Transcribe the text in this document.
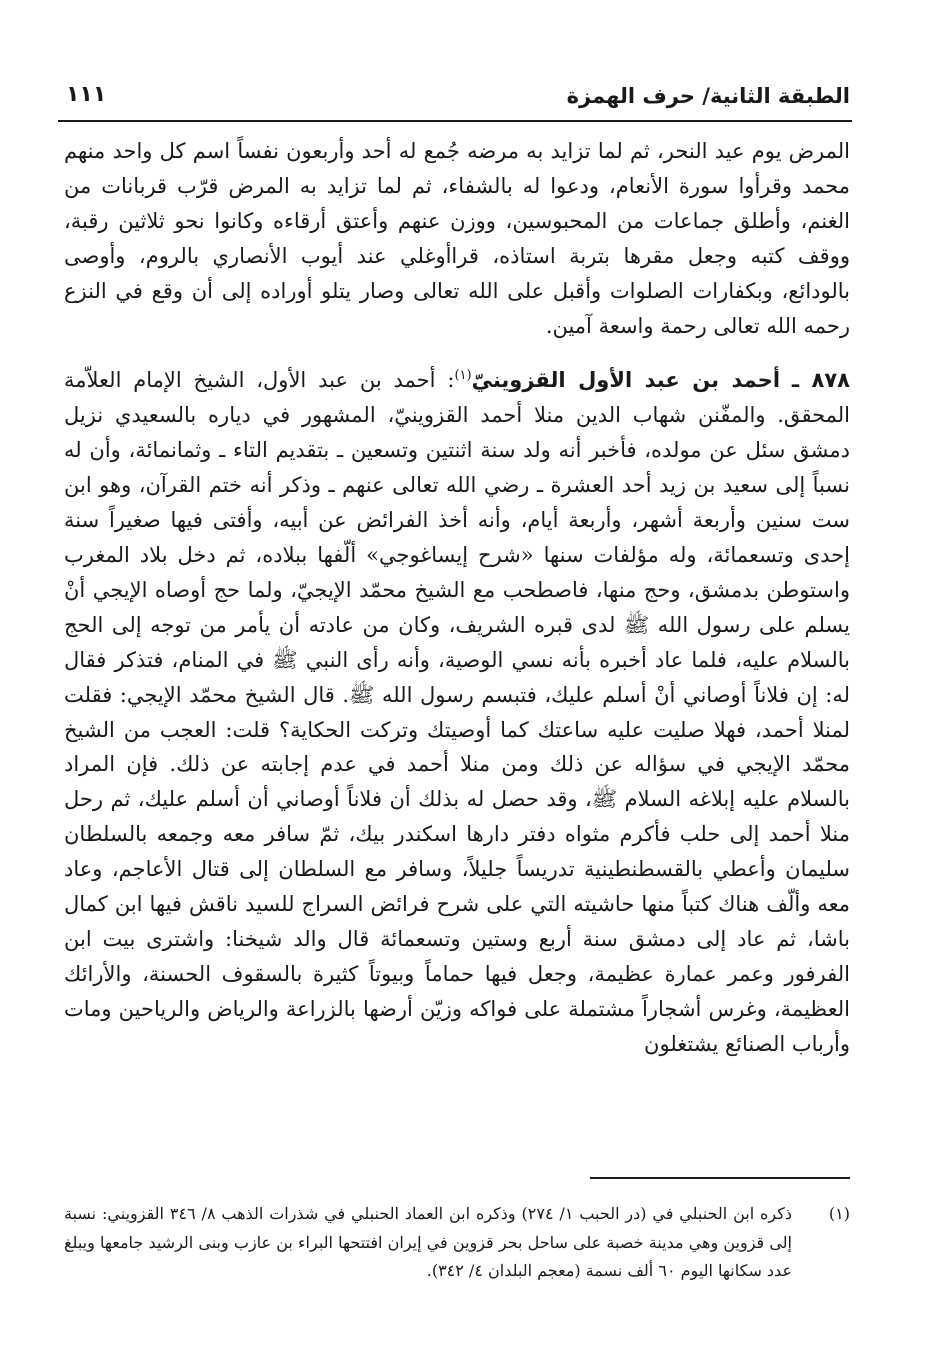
الطبقة الثانية/ حرف الهمزة
١١١

المرض يوم عيد النحر، ثم لما تزايد به مرضه جُمع له أحد وأربعون نفساً اسم كل واحد منهم محمد وقرأوا سورة الأنعام، ودعوا له بالشفاء، ثم لما تزايد به المرض قرّب قربانات من الغنم، وأطلق جماعات من المحبوسين، ووزن عنهم وأعتق أرقاءه وكانوا نحو ثلاثين رقبة، ووقف كتبه وجعل مقرها بتربة استاذه، قراأوغلي عند أيوب الأنصاري بالروم، وأوصى بالودائع، وبكفارات الصلوات وأقبل على الله تعالى وصار يتلو أوراده إلى أن وقع في النزع رحمه الله تعالى رحمة واسعة آمين.

٨٧٨ ـ أحمد بن عبد الأول القزوينيّ$^{(١)}$: أحمد بن عبد الأول، الشيخ الإمام العلاّمة المحقق. والمفّنن شهاب الدين منلا أحمد القزوينيّ، المشهور في دياره بالسعيدي نزيل دمشق سئل عن مولده، فأخبر أنه ولد سنة اثنتين وتسعين ـ بتقديم التاء ـ وثمانمائة، وأن له نسباً إلى سعيد بن زيد أحد العشرة ـ رضي الله تعالى عنهم ـ وذكر أنه ختم القرآن، وهو ابن ست سنين وأربعة أشهر، وأربعة أيام، وأنه أخذ الفرائض عن أبيه، وأفتى فيها صغيراً سنة إحدى وتسعمائة، وله مؤلفات سنها «شرح إيساغوجي» ألّفها ببلاده، ثم دخل بلاد المغرب واستوطن بدمشق، وحج منها، فاصطحب مع الشيخ محمّد الإيجيّ، ولما حج أوصاه الإيجي أنْ يسلم على رسول الله ﷺ لدى قبره الشريف، وكان من عادته أن يأمر من توجه إلى الحج بالسلام عليه، فلما عاد أخبره بأنه نسي الوصية، وأنه رأى النبي ﷺ في المنام، فتذكر فقال له: إن فلاناً أوصاني أنْ أسلم عليك، فتبسم رسول الله ﷺ. قال الشيخ محمّد الإيجي: فقلت لمنلا أحمد، فهلا صليت عليه ساعتك كما أوصيتك وتركت الحكاية؟ قلت: العجب من الشيخ محمّد الإيجي في سؤاله عن ذلك ومن منلا أحمد في عدم إجابته عن ذلك. فإن المراد بالسلام عليه إبلاغه السلام ﷺ، وقد حصل له بذلك أن فلاناً أوصاني أن أسلم عليك، ثم رحل منلا أحمد إلى حلب فأكرم مثواه دفتر دارها اسكندر بيك، ثمّ سافر معه وجمعه بالسلطان سليمان وأعطي بالقسطنطينية تدريساً جليلاً، وسافر مع السلطان إلى قتال الأعاجم، وعاد معه وألّف هناك كتباً منها حاشيته التي على شرح فرائض السراج للسيد ناقش فيها ابن كمال باشا، ثم عاد إلى دمشق سنة أربع وستين وتسعمائة قال والد شيخنا: واشترى بيت ابن الفرفور وعمر عمارة عظيمة، وجعل فيها حماماً وبيوتاً كثيرة بالسقوف الحسنة، والأرائك العظيمة، وغرس أشجاراً مشتملة على فواكه وزيّن أرضها بالزراعة والرياض والرياحين ومات وأرباب الصنائع يشتغلون

(١)
ذكره ابن الحنبلي في (در الحبب ١/ ٢٧٤) وذكره ابن العماد الحنبلي في شذرات الذهب ٨/ ٣٤٦ القزويني: نسبة إلى قزوين وهي مدينة خصبة على ساحل بحر قزوين في إيران افتتحها البراء بن عازب وبنى الرشيد جامعها ويبلغ عدد سكانها اليوم ٦٠ ألف نسمة (معجم البلدان ٤/ ٣٤٢).
